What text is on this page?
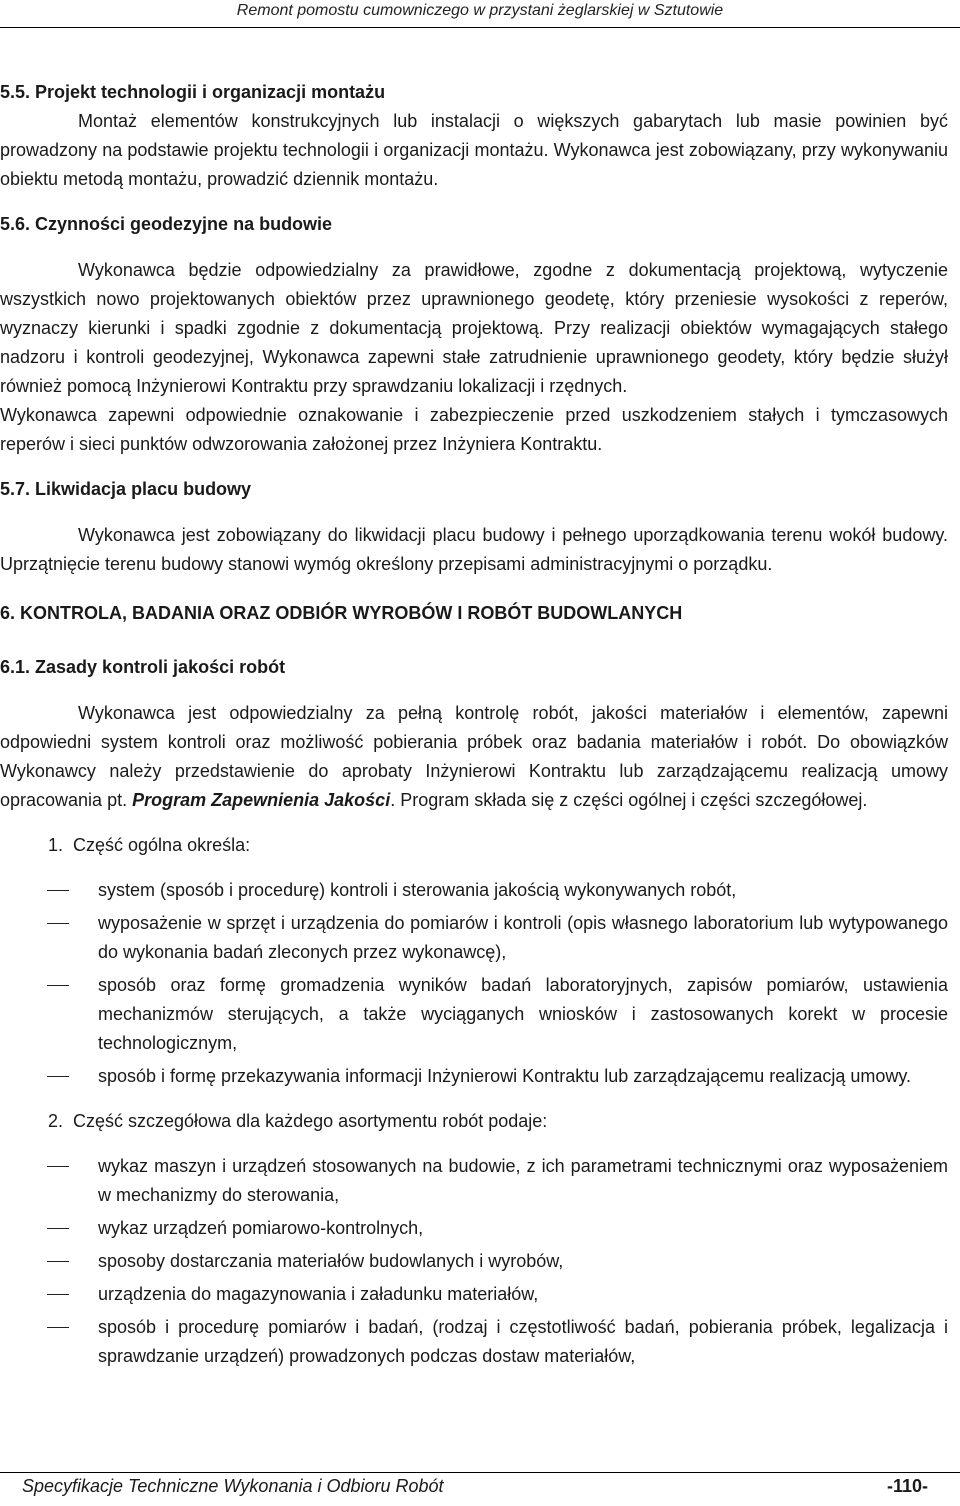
Remont pomostu cumowniczego w przystani żeglarskiej w Sztutowie
5.5. Projekt technologii i organizacji montażu

Montaż elementów konstrukcyjnych lub instalacji o większych gabarytach lub masie powinien być prowadzony na podstawie projektu technologii i organizacji montażu. Wykonawca jest zobowiązany, przy wykonywaniu obiektu metodą montażu, prowadzić dziennik montażu.

5.6. Czynności geodezyjne na budowie

Wykonawca będzie odpowiedzialny za prawidłowe, zgodne z dokumentacją projektową, wytyczenie wszystkich nowo projektowanych obiektów przez uprawnionego geodetę, który przeniesie wysokości z reperów, wyznaczy kierunki i spadki zgodnie z dokumentacją projektową. Przy realizacji obiektów wymagających stałego nadzoru i kontroli geodezyjnej, Wykonawca zapewni stałe zatrudnienie uprawnionego geodety, który będzie służył również pomocą Inżynierowi Kontraktu przy sprawdzaniu lokalizacji i rzędnych.

Wykonawca zapewni odpowiednie oznakowanie i zabezpieczenie przed uszkodzeniem stałych i tymczasowych reperów i sieci punktów odwzorowania założonej przez Inżyniera Kontraktu.

5.7. Likwidacja placu budowy

Wykonawca jest zobowiązany do likwidacji placu budowy i pełnego uporządkowania terenu wokół budowy. Uprzątnięcie terenu budowy stanowi wymóg określony przepisami administracyjnymi o porządku.

6. KONTROLA, BADANIA ORAZ ODBIÓR WYROBÓW I ROBÓT BUDOWLANYCH
6.1. Zasady kontroli jakości robót

Wykonawca jest odpowiedzialny za pełną kontrolę robót, jakości materiałów i elementów, zapewni odpowiedni system kontroli oraz możliwość pobierania próbek oraz badania materiałów i robót. Do obowiązków Wykonawcy należy przedstawienie do aprobaty Inżynierowi Kontraktu lub zarządzającemu realizacją umowy opracowania pt. Program Zapewnienia Jakości. Program składa się z części ogólnej i części szczegółowej.

1.
Część ogólna określa:
system (sposób i procedurę) kontroli i sterowania jakością wykonywanych robót,
wyposażenie w sprzęt i urządzenia do pomiarów i kontroli (opis własnego laboratorium lub wytypowanego do wykonania badań zleconych przez wykonawcę),
sposób oraz formę gromadzenia wyników badań laboratoryjnych, zapisów pomiarów, ustawienia mechanizmów sterujących, a także wyciąganych wniosków i zastosowanych korekt w procesie technologicznym,
sposób i formę przekazywania informacji Inżynierowi Kontraktu lub zarządzającemu realizacją umowy.
2.
Część szczegółowa dla każdego asortymentu robót podaje:
wykaz maszyn i urządzeń stosowanych na budowie, z ich parametrami technicznymi oraz wyposażeniem w mechanizmy do sterowania,
wykaz urządzeń pomiarowo-kontrolnych,
sposoby dostarczania materiałów budowlanych i wyrobów,
urządzenia do magazynowania i załadunku materiałów,
sposób i procedurę pomiarów i badań, (rodzaj i częstotliwość badań, pobierania próbek, legalizacja i sprawdzanie urządzeń) prowadzonych podczas dostaw materiałów,
Specyfikacje Techniczne Wykonania i Odbioru Robót	-110-
